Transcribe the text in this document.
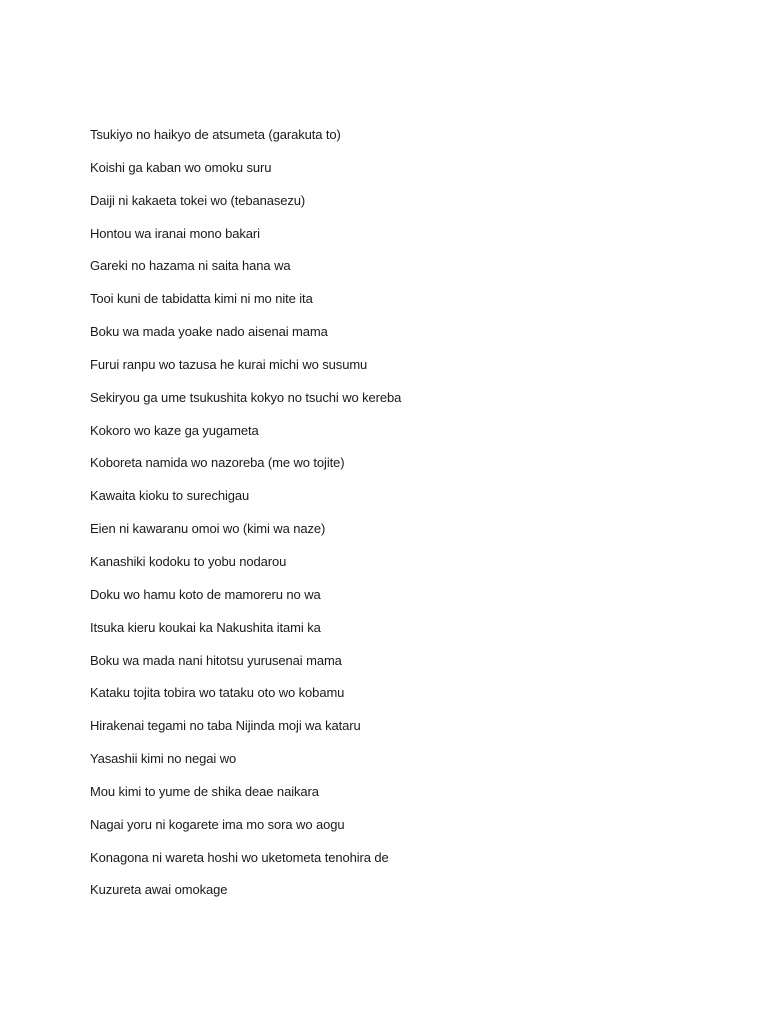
Tsukiyo no haikyo de atsumeta (garakuta to)
Koishi ga kaban wo omoku suru
Daiji ni kakaeta tokei wo (tebanasezu)
Hontou wa iranai mono bakari
Gareki no hazama ni saita hana wa
Tooi kuni de tabidatta kimi ni mo nite ita
Boku wa mada yoake nado aisenai mama
Furui ranpu wo tazusa he kurai michi wo susumu
Sekiryou ga ume tsukushita kokyo no tsuchi wo kereba
Kokoro wo kaze ga yugameta
Koboreta namida wo nazoreba (me wo tojite)
Kawaita kioku to surechigau
Eien ni kawaranu omoi wo (kimi wa naze)
Kanashiki kodoku to yobu nodarou
Doku wo hamu koto de mamoreru no wa
Itsuka kieru koukai ka Nakushita itami ka
Boku wa mada nani hitotsu yurusenai mama
Kataku tojita tobira wo tataku oto wo kobamu
Hirakenai tegami no taba Nijinda moji wa kataru
Yasashii kimi no negai wo
Mou kimi to yume de shika deae naikara
Nagai yoru ni kogarete ima mo sora wo aogu
Konagona ni wareta hoshi wo uketometa tenohira de
Kuzureta awai omokage
